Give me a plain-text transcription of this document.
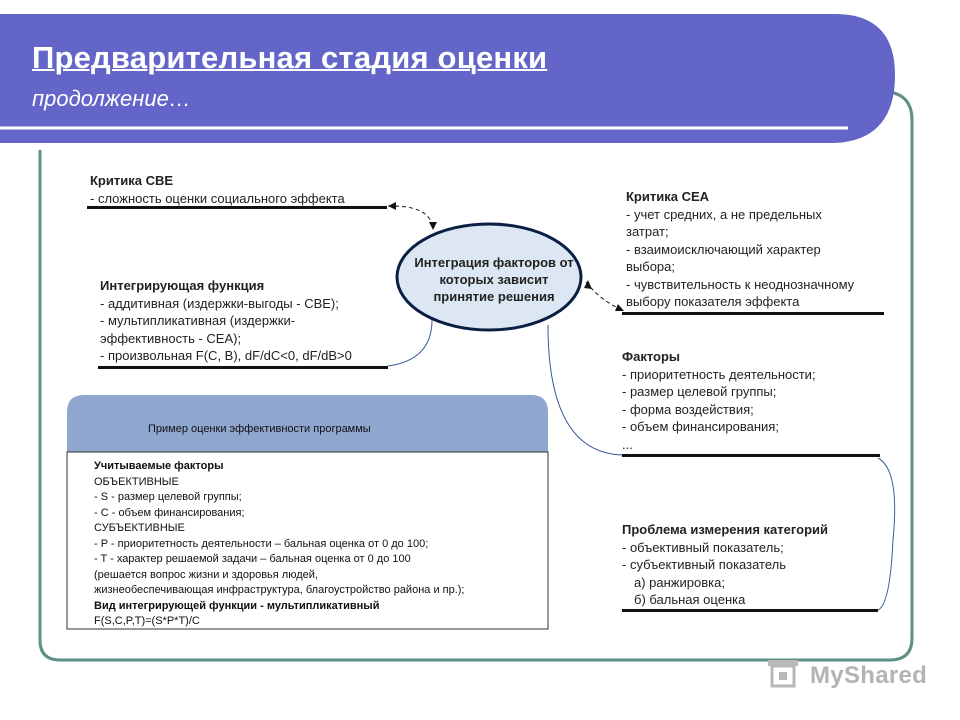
Предварительная стадия оценки
продолжение…
Критика CBE
- сложность оценки социального эффекта	Критика CEA
- учет средних, а не предельных
затрат;
- взаимоисключающий характер
выбора;
- чувствительность к неоднозначному
выбору показателя эффекта
Интегрирующая функция
- аддитивная (издержки-выгоды - CBE);
- мультипликативная (издержки-
эффективность - CEA);
- произвольная F(C, B), dF/dC<0, dF/dB>0
Интеграция факторов от
которых зависит
принятие решения
Факторы
- приоритетность деятельности;
- размер целевой группы;
- форма воздействия;
- объем финансирования;
...
Проблема измерения категорий
- объективный показатель;
- субъективный показатель
а) ранжировка;
б) бальная оценка
Пример оценки эффективности программы
Учитываемые факторы
ОБЪЕКТИВНЫЕ
- S - размер целевой группы;
- С - объем финансирования;
СУБЪЕКТИВНЫЕ
- P - приоритетность деятельности – бальная оценка от 0 до 100;
- T - характер решаемой задачи – бальная оценка от 0 до 100
(решается вопрос жизни и здоровья людей,
жизнеобеспечивающая инфраструктура, благоустройство района и пр.);
Вид интегрирующей функции - мультипликативный
F(S,C,P,T)=(S*P*T)/C
MyShared
